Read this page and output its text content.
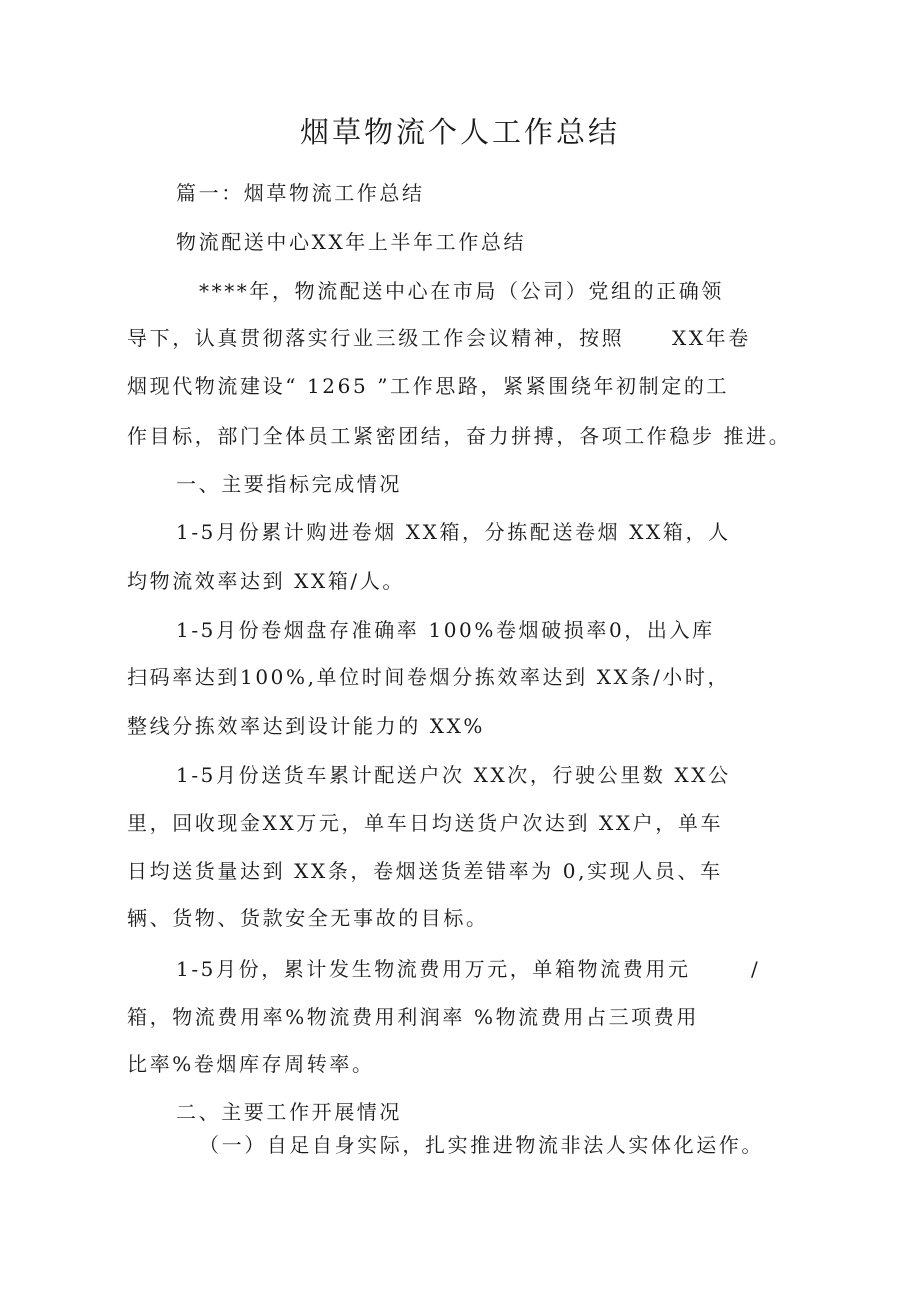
烟草物流个人工作总结
篇一：烟草物流工作总结
物流配送中心XX年上半年工作总结
****年，物流配送中心在市局（公司）党组的正确领
导下，认真贯彻落实行业三级工作会议精神，按照 XX年卷
烟现代物流建设“ 1265 ”工作思路，紧紧围绕年初制定的工
作目标，部门全体员工紧密团结，奋力拼搏，各项工作稳步 推进。
一、主要指标完成情况
1-5月份累计购进卷烟 XX箱，分拣配送卷烟 XX箱，人
均物流效率达到 XX箱/人。
1-5月份卷烟盘存准确率 100%卷烟破损率0，出入库
扫码率达到100%,单位时间卷烟分拣效率达到 XX条/小时，
整线分拣效率达到设计能力的 XX%
1-5月份送货车累计配送户次 XX次，行驶公里数 XX公
里，回收现金XX万元，单车日均送货户次达到 XX户，单车
日均送货量达到 XX条，卷烟送货差错率为 0,实现人员、车
辆、货物、货款安全无事故的目标。
1-5月份，累计发生物流费用万元，单箱物流费用元	/
箱，物流费用率%物流费用利润率 %物流费用占三项费用
比率%卷烟库存周转率。
二、主要工作开展情况
（一）自足自身实际，扎实推进物流非法人实体化运作。
